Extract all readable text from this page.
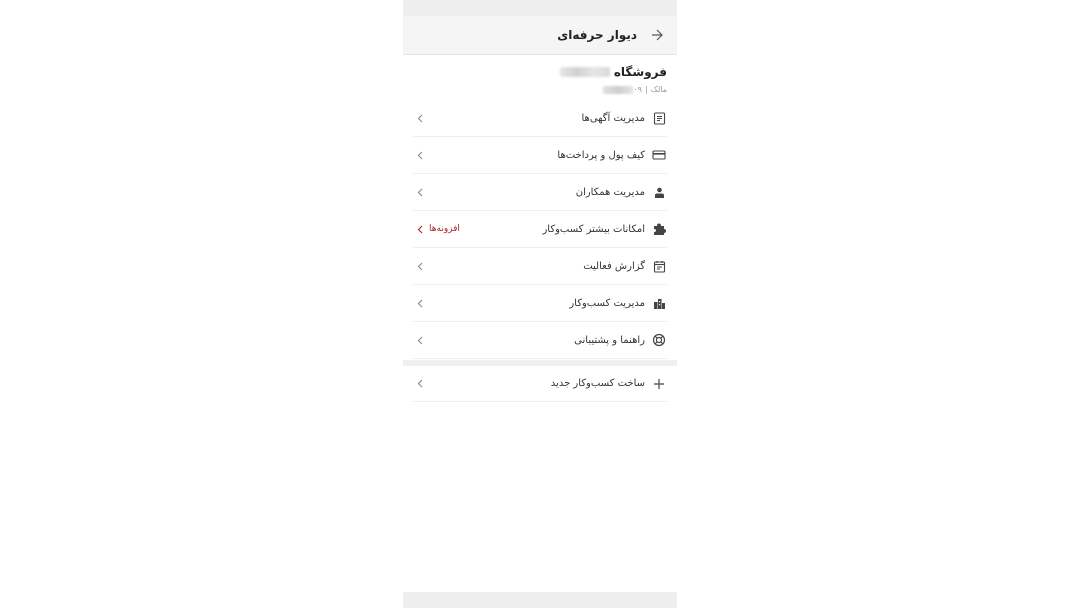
دیوار حرفه‌ای
فروشگاه
مالک
|
۰۹
مدیریت آگهی‌ها
کیف پول و پرداخت‌ها
مدیریت همکاران
امکانات بیشتر کسب‌وکار
افزونه‌ها
گزارش فعالیت
مدیریت کسب‌وکار
راهنما و پشتیبانی
ساخت کسب‌وکار جدید
